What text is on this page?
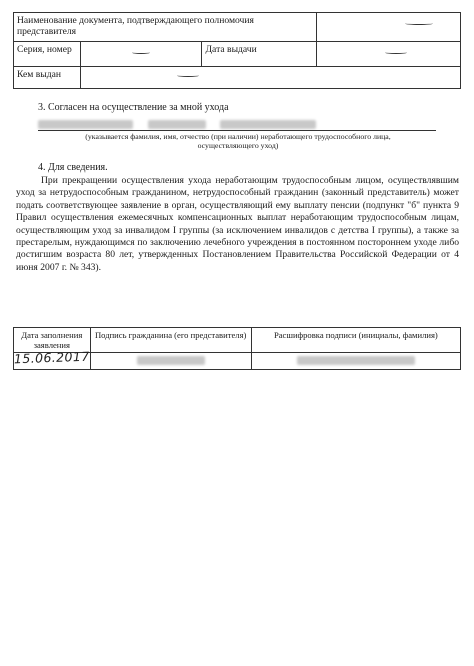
Наименование документа, подтверждающего полномочия представителя			
Серия, номер		Дата выдачи	
Кем выдан			
3. Согласен на осуществление за мной ухода
(указывается фамилия, имя, отчество (при наличии) неработающего трудоспособного лица,
осуществляющего уход)
4. Для сведения.
При прекращении осуществления ухода неработающим трудоспособным лицом, осуществлявшим уход за нетрудоспособным гражданином, нетрудоспособный гражданин (законный представитель) может подать соответствующее заявление в орган, осуществляющий ему выплату пенсии (подпункт "б" пункта 9 Правил осуществления ежемесячных компенсационных выплат неработающим трудоспособным лицам, осуществляющим уход за инвалидом I группы (за исключением инвалидов с детства I группы), а также за престарелым, нуждающимся по заключению лечебного учреждения в постоянном постороннем уходе либо достигшим возраста 80 лет, утвержденных Постановлением Правительства Российской Федерации от 4 июня 2007 г. № 343).
Дата заполнения заявления	Подпись гражданина (его представителя)	Расшифровка подписи (инициалы, фамилия)
15.06.2017		
